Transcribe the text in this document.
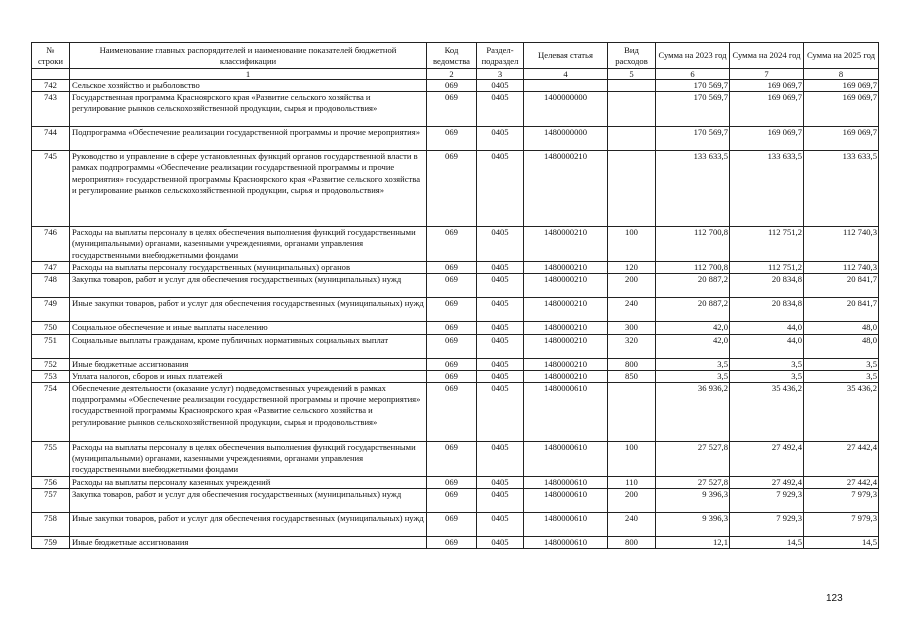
№ строки	Наименование главных распорядителей и наименование показателей бюджетной классификации	Код ведомства	Раздел-подраздел	Целевая статья	Вид расходов	Сумма на 2023 год	Сумма на 2024 год	Сумма на 2025 год
	1	2	3	4	5	6	7	8
742	Сельское хозяйство и рыболовство	069	0405			170 569,7	169 069,7	169 069,7
743	Государственная программа Красноярского края «Развитие сельского хозяйства и регулирование рынков сельскохозяйственной продукции, сырья и продовольствия»	069	0405	1400000000		170 569,7	169 069,7	169 069,7
744	Подпрограмма «Обеспечение реализации государственной программы и прочие мероприятия»	069	0405	1480000000		170 569,7	169 069,7	169 069,7
745	Руководство и управление в сфере установленных функций органов государственной власти в рамках подпрограммы «Обеспечение реализации государственной программы и прочие мероприятия» государственной программы Красноярского края «Развитие сельского хозяйства и регулирование рынков сельскохозяйственной продукции, сырья и продовольствия»	069	0405	1480000210		133 633,5	133 633,5	133 633,5
746	Расходы на выплаты персоналу в целях обеспечения выполнения функций государственными (муниципальными) органами, казенными учреждениями, органами управления государственными внебюджетными фондами	069	0405	1480000210	100	112 700,8	112 751,2	112 740,3
747	Расходы на выплаты персоналу государственных (муниципальных) органов	069	0405	1480000210	120	112 700,8	112 751,2	112 740,3
748	Закупка товаров, работ и услуг для обеспечения государственных (муниципальных) нужд	069	0405	1480000210	200	20 887,2	20 834,8	20 841,7
749	Иные закупки товаров, работ и услуг для обеспечения государственных (муниципальных) нужд	069	0405	1480000210	240	20 887,2	20 834,8	20 841,7
750	Социальное обеспечение и иные выплаты населению	069	0405	1480000210	300	42,0	44,0	48,0
751	Социальные выплаты гражданам, кроме публичных нормативных социальных выплат	069	0405	1480000210	320	42,0	44,0	48,0
752	Иные бюджетные ассигнования	069	0405	1480000210	800	3,5	3,5	3,5
753	Уплата налогов, сборов и иных платежей	069	0405	1480000210	850	3,5	3,5	3,5
754	Обеспечение деятельности (оказание услуг) подведомственных учреждений в рамках подпрограммы «Обеспечение реализации государственной программы и прочие мероприятия» государственной программы Красноярского края «Развитие сельского хозяйства и регулирование рынков сельскохозяйственной продукции, сырья и продовольствия»	069	0405	1480000610		36 936,2	35 436,2	35 436,2
755	Расходы на выплаты персоналу в целях обеспечения выполнения функций государственными (муниципальными) органами, казенными учреждениями, органами управления государственными внебюджетными фондами	069	0405	1480000610	100	27 527,8	27 492,4	27 442,4
756	Расходы на выплаты персоналу казенных учреждений	069	0405	1480000610	110	27 527,8	27 492,4	27 442,4
757	Закупка товаров, работ и услуг для обеспечения государственных (муниципальных) нужд	069	0405	1480000610	200	9 396,3	7 929,3	7 979,3
758	Иные закупки товаров, работ и услуг для обеспечения государственных (муниципальных) нужд	069	0405	1480000610	240	9 396,3	7 929,3	7 979,3
759	Иные бюджетные ассигнования	069	0405	1480000610	800	12,1	14,5	14,5
123
